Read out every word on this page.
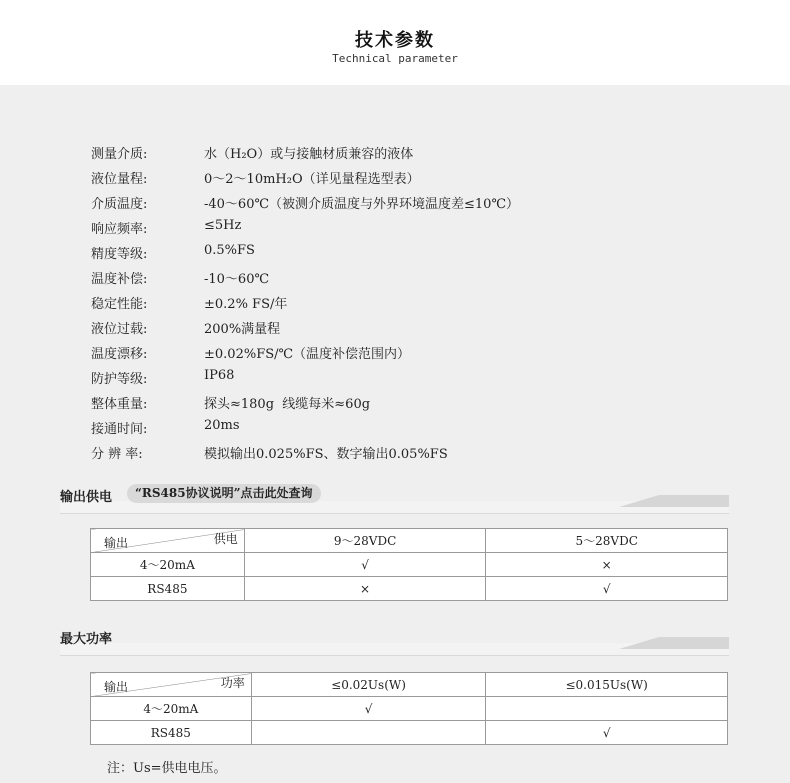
技术参数
Technical parameter
测量介质:	水（H₂O）或与接触材质兼容的液体
液位量程:	0～2～10mH₂O（详见量程选型表）
介质温度:	-40～60℃（被测介质温度与外界环境温度差≤10℃）
响应频率:	≤5Hz
精度等级:	0.5%FS
温度补偿:	-10～60℃
稳定性能:	±0.2% FS/年
液位过载:	200%满量程
温度漂移:	±0.02%FS/℃（温度补偿范围内）
防护等级:	IP68
整体重量:	探头≈180g  线缆每米≈60g
接通时间:	20ms
分 辨 率:	模拟输出0.025%FS、数字输出0.05%FS
输出供电	“RS485协议说明”点击此处查询
供电
输出	9～28VDC	5～28VDC
4～20mA	√	×
RS485	×	√
最大功率
功率
输出	≤0.02Us(W)	≤0.015Us(W)
4～20mA	√	
RS485		√
注：Us=供电电压。
